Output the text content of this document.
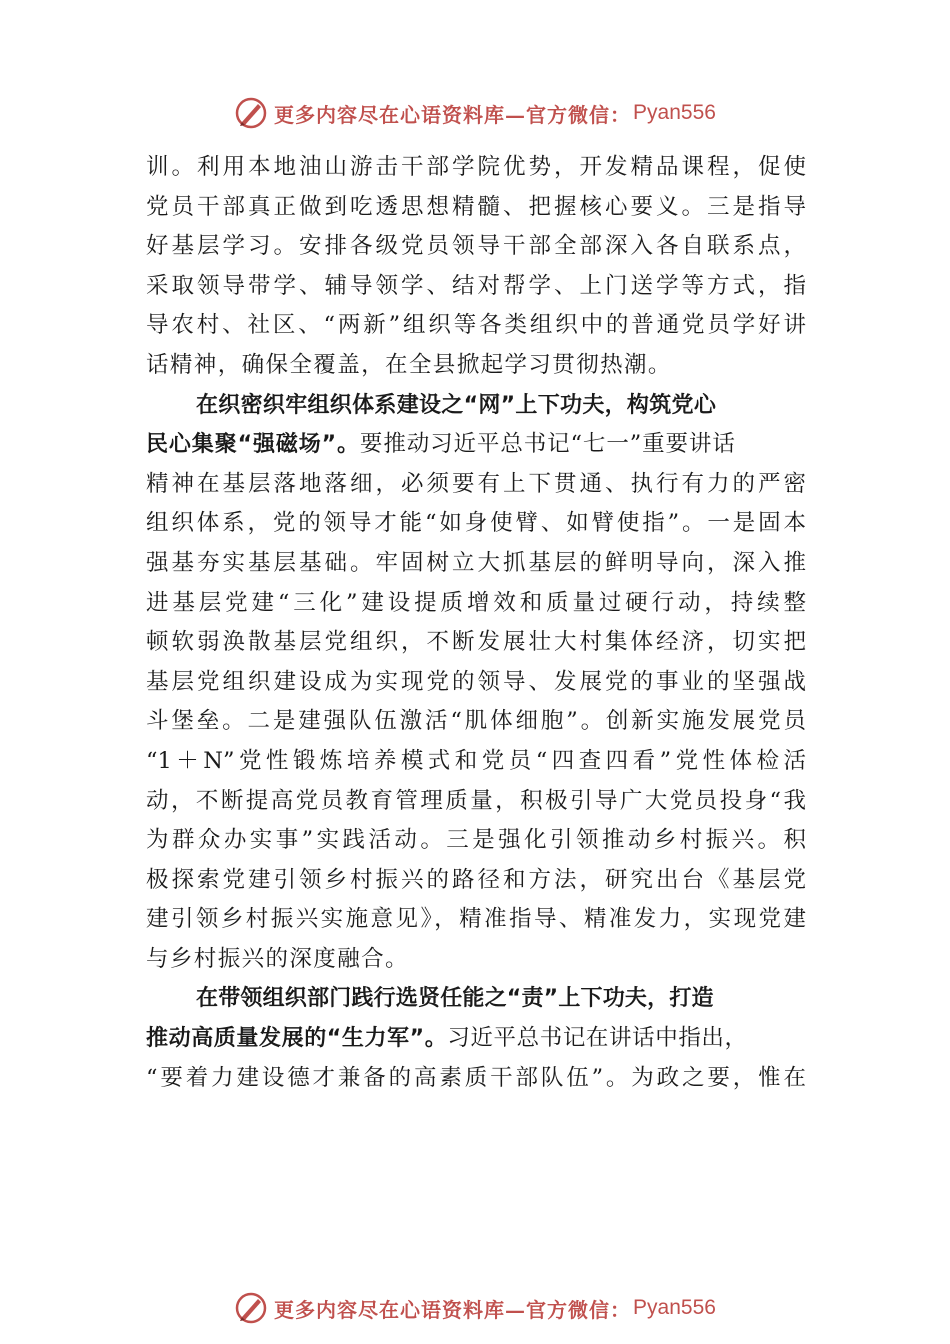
更多内容尽在心语资料库—官方微信： Pyan556
训。利用本地油山游击干部学院优势，开发精品课程，促使
党员干部真正做到吃透思想精髓、把握核心要义。三是指导
好基层学习。安排各级党员领导干部全部深入各自联系点，
采取领导带学、辅导领学、结对帮学、上门送学等方式，指
导农村、社区、“两新”组织等各类组织中的普通党员学好讲
话精神，确保全覆盖，在全县掀起学习贯彻热潮。
在织密织牢组织体系建设之“网”上下功夫，构筑党心
民心集聚“强磁场”。要推动习近平总书记“七一”重要讲话
精神在基层落地落细，必须要有上下贯通、执行有力的严密
组织体系，党的领导才能“如身使臂、如臂使指”。一是固本
强基夯实基层基础。牢固树立大抓基层的鲜明导向，深入推
进基层党建“三化”建设提质增效和质量过硬行动，持续整
顿软弱涣散基层党组织，不断发展壮大村集体经济，切实把
基层党组织建设成为实现党的领导、发展党的事业的坚强战
斗堡垒。二是建强队伍激活“肌体细胞”。创新实施发展党员
“1＋N”党性锻炼培养模式和党员“四查四看”党性体检活
动，不断提高党员教育管理质量，积极引导广大党员投身“我
为群众办实事”实践活动。三是强化引领推动乡村振兴。积
极探索党建引领乡村振兴的路径和方法，研究出台《基层党
建引领乡村振兴实施意见》，精准指导、精准发力，实现党建
与乡村振兴的深度融合。
在带领组织部门践行选贤任能之“责”上下功夫，打造
推动高质量发展的“生力军”。习近平总书记在讲话中指出，
“要着力建设德才兼备的高素质干部队伍”。为政之要，惟在
更多内容尽在心语资料库—官方微信： Pyan556
